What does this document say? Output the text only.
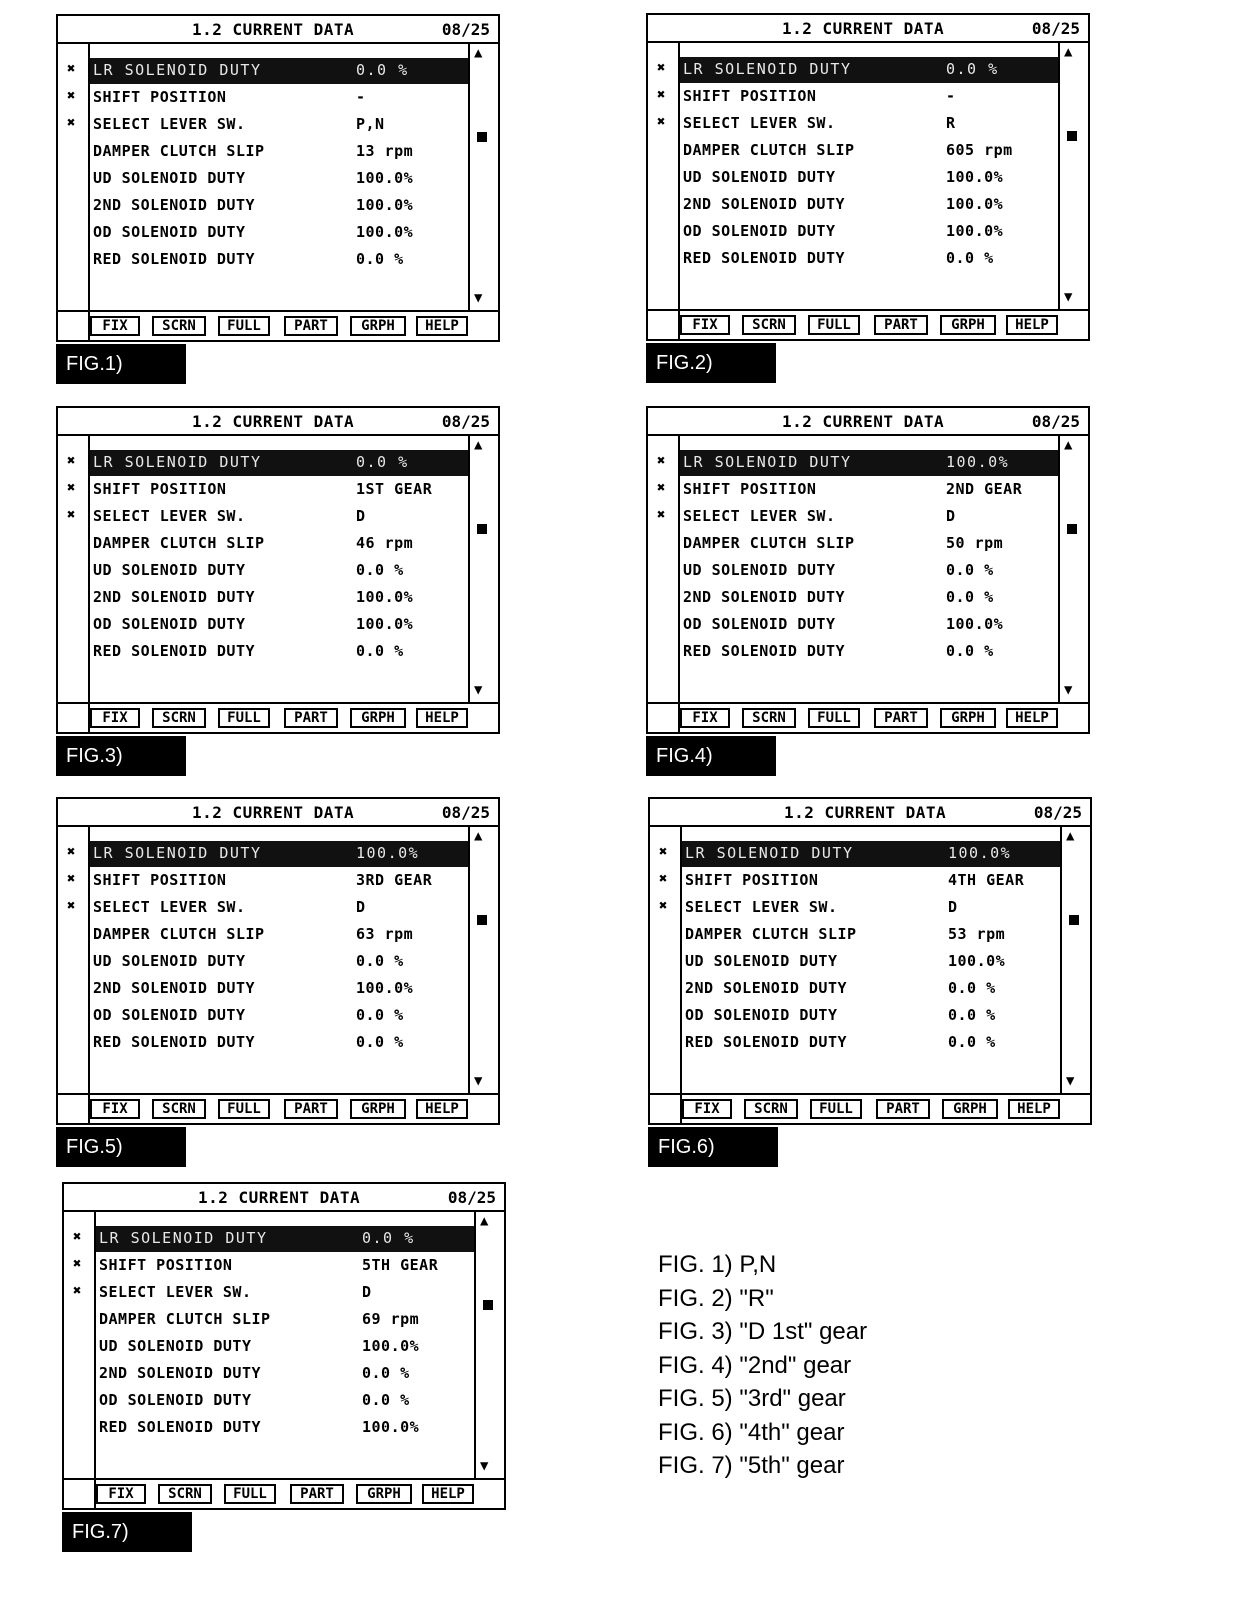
1.2 CURRENT DATA	08/25
▲
▼
✖ LR SOLENOID DUTY	0.0 %
✖ SHIFT POSITION	-
✖ SELECT LEVER SW.	P,N
DAMPER CLUTCH SLIP	13 rpm
UD SOLENOID DUTY	100.0%
2ND SOLENOID DUTY	100.0%
OD SOLENOID DUTY	100.0%
RED SOLENOID DUTY	0.0 %
FIX	SCRN	FULL	PART	GRPH	HELP
FIG.1)
1.2 CURRENT DATA	08/25
▲
▼
✖ LR SOLENOID DUTY	0.0 %
✖ SHIFT POSITION	-
✖ SELECT LEVER SW.	R
DAMPER CLUTCH SLIP	605 rpm
UD SOLENOID DUTY	100.0%
2ND SOLENOID DUTY	100.0%
OD SOLENOID DUTY	100.0%
RED SOLENOID DUTY	0.0 %
FIX	SCRN	FULL	PART	GRPH	HELP
FIG.2)
1.2 CURRENT DATA	08/25
▲
▼
✖ LR SOLENOID DUTY	0.0 %
✖ SHIFT POSITION	1ST GEAR
✖ SELECT LEVER SW.	D
DAMPER CLUTCH SLIP	46 rpm
UD SOLENOID DUTY	0.0 %
2ND SOLENOID DUTY	100.0%
OD SOLENOID DUTY	100.0%
RED SOLENOID DUTY	0.0 %
FIX	SCRN	FULL	PART	GRPH	HELP
FIG.3)
1.2 CURRENT DATA	08/25
▲
▼
✖ LR SOLENOID DUTY	100.0%
✖ SHIFT POSITION	2ND GEAR
✖ SELECT LEVER SW.	D
DAMPER CLUTCH SLIP	50 rpm
UD SOLENOID DUTY	0.0 %
2ND SOLENOID DUTY	0.0 %
OD SOLENOID DUTY	100.0%
RED SOLENOID DUTY	0.0 %
FIX	SCRN	FULL	PART	GRPH	HELP
FIG.4)
1.2 CURRENT DATA	08/25
▲
▼
✖ LR SOLENOID DUTY	100.0%
✖ SHIFT POSITION	3RD GEAR
✖ SELECT LEVER SW.	D
DAMPER CLUTCH SLIP	63 rpm
UD SOLENOID DUTY	0.0 %
2ND SOLENOID DUTY	100.0%
OD SOLENOID DUTY	0.0 %
RED SOLENOID DUTY	0.0 %
FIX	SCRN	FULL	PART	GRPH	HELP
FIG.5)
1.2 CURRENT DATA	08/25
▲
▼
✖ LR SOLENOID DUTY	100.0%
✖ SHIFT POSITION	4TH GEAR
✖ SELECT LEVER SW.	D
DAMPER CLUTCH SLIP	53 rpm
UD SOLENOID DUTY	100.0%
2ND SOLENOID DUTY	0.0 %
OD SOLENOID DUTY	0.0 %
RED SOLENOID DUTY	0.0 %
FIX	SCRN	FULL	PART	GRPH	HELP
FIG.6)
1.2 CURRENT DATA	08/25
▲
▼
✖ LR SOLENOID DUTY	0.0 %
✖ SHIFT POSITION	5TH GEAR
✖ SELECT LEVER SW.	D
DAMPER CLUTCH SLIP	69 rpm
UD SOLENOID DUTY	100.0%
2ND SOLENOID DUTY	0.0 %
OD SOLENOID DUTY	0.0 %
RED SOLENOID DUTY	100.0%
FIX	SCRN	FULL	PART	GRPH	HELP
FIG.7)
FIG. 1) P,N
FIG. 2) "R"
FIG. 3) "D 1st" gear
FIG. 4) "2nd" gear
FIG. 5) "3rd" gear
FIG. 6) "4th" gear
FIG. 7) "5th" gear
